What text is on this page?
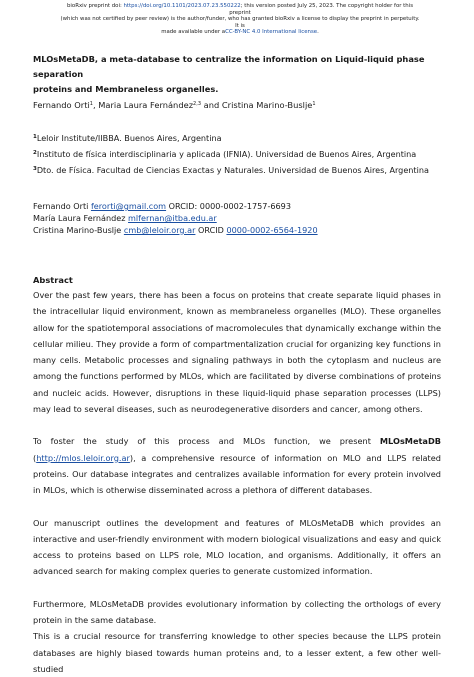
bioRxiv preprint doi: https://doi.org/10.1101/2023.07.23.550222; this version posted July 25, 2023. The copyright holder for this preprint
(which was not certified by peer review) is the author/funder, who has granted bioRxiv a license to display the preprint in perpetuity. It is
made available under aCC-BY-NC 4.0 International license.
MLOsMetaDB, a meta-database to centralize the information on Liquid-liquid phase separation
proteins and Membraneless organelles.
Fernando Orti$^1$, Maria Laura Fernández$^{2,3}$ and Cristina Marino-Buslje$^1$
$^1$Leloir Institute/IIBBA. Buenos Aires, Argentina
$^2$Instituto de física interdisciplinaria y aplicada (IFNIA). Universidad de Buenos Aires, Argentina
$^3$Dto. de Física. Facultad de Ciencias Exactas y Naturales. Universidad de Buenos Aires, Argentina
Fernando Orti ferorti@gmail.com ORCID: 0000-0002-1757-6693
María Laura Fernández mlfernan@itba.edu.ar
Cristina Marino-Buslje cmb@leloir.org.ar ORCID 0000-0002-6564-1920
Abstract

Over the past few years, there has been a focus on proteins that create separate liquid phases in the intracellular liquid environment, known as membraneless organelles (MLO). These organelles allow for the spatiotemporal associations of macromolecules that dynamically exchange within the cellular milieu. They provide a form of compartmentalization crucial for organizing key functions in many cells. Metabolic processes and signaling pathways in both the cytoplasm and nucleus are among the functions performed by MLOs, which are facilitated by diverse combinations of proteins and nucleic acids. However, disruptions in these liquid-liquid phase separation processes (LLPS) may lead to several diseases, such as neurodegenerative disorders and cancer, among others.

To foster the study of this process and MLOs function, we present MLOsMetaDB (http://mlos.leloir.org.ar), a comprehensive resource of information on MLO and LLPS related proteins. Our database integrates and centralizes available information for every protein involved in MLOs, which is otherwise disseminated across a plethora of different databases.

Our manuscript outlines the development and features of MLOsMetaDB which provides an interactive and user-friendly environment with modern biological visualizations and easy and quick access to proteins based on LLPS role, MLO location, and organisms. Additionally, it offers an advanced search for making complex queries to generate customized information.

Furthermore, MLOsMetaDB provides evolutionary information by collecting the orthologs of every protein in the same database.

This is a crucial resource for transferring knowledge to other species because the LLPS protein databases are highly biased towards human proteins and, to a lesser extent, a few other well-studied
